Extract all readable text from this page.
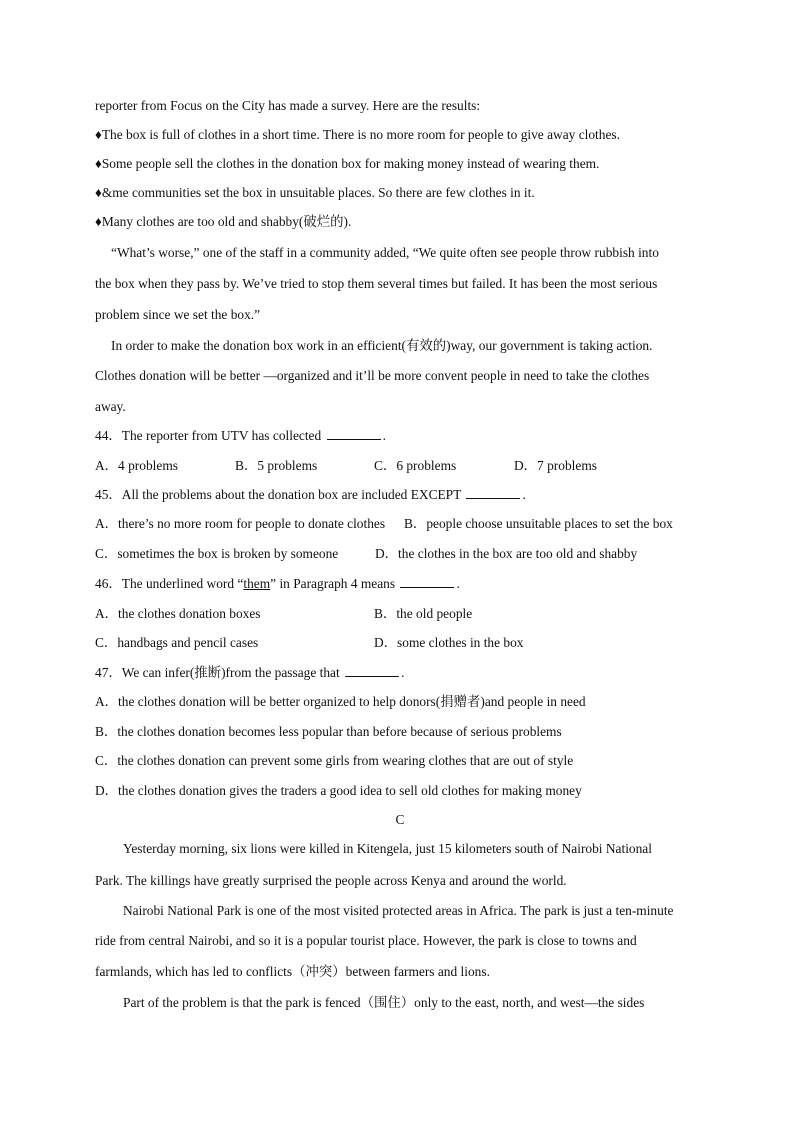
reporter from Focus on the City has made a survey. Here are the results:
♦The box is full of clothes in a short time. There is no more room for people to give away clothes.
♦Some people sell the clothes in the donation box for making money instead of wearing them.
♦&me communities set the box in unsuitable places. So there are few clothes in it.
♦Many clothes are too old and shabby(破烂的).
“What’s worse,” one of the staff in a community added, “We quite often see people throw rubbish into
the box when they pass by. We’ve tried to stop them several times but failed. It has been the most serious
problem since we set the box.”
In order to make the donation box work in an efficient(有效的)way, our government is taking action.
Clothes donation will be better —organized and it’ll be more convent people in need to take the clothes
away.
44．The reporter from UTV has collected	.
A．4 problems	B．5 problems	C．6 problems	D．7 problems
45．All the problems about the donation box are included EXCEPT	.
A．there’s no more room for people to donate clothes B．people choose unsuitable places to set the box
C．sometimes the box is broken by someone	D．the clothes in the box are too old and shabby
46．The underlined word “them” in Paragraph 4 means	.
A．the clothes donation boxes	B．the old people
C．handbags and pencil cases	D．some clothes in the box
47．We can infer(推断)from the passage that	.
A．the clothes donation will be better organized to help donors(捐赠者)and people in need
B．the clothes donation becomes less popular than before because of serious problems
C．the clothes donation can prevent some girls from wearing clothes that are out of style
D．the clothes donation gives the traders a good idea to sell old clothes for making money
C
Yesterday morning, six lions were killed in Kitengela, just 15 kilometers south of Nairobi National
Park. The killings have greatly surprised the people across Kenya and around the world.
Nairobi National Park is one of the most visited protected areas in Africa. The park is just a ten-minute
ride from central Nairobi, and so it is a popular tourist place. However, the park is close to towns and
farmlands, which has led to conflicts（冲突）between farmers and lions.
Part of the problem is that the park is fenced（围住）only to the east, north, and west—the sides
